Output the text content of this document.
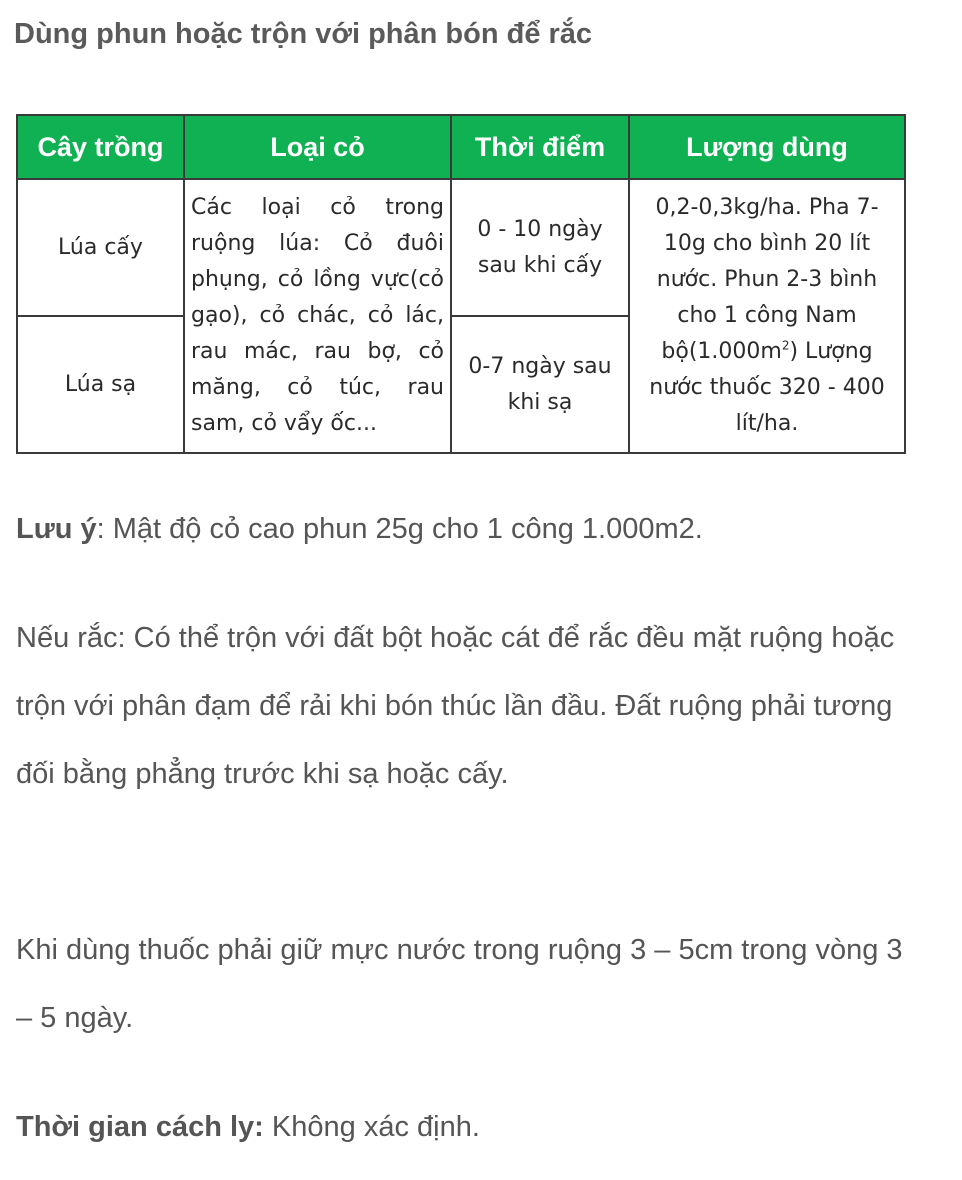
Dùng phun hoặc trộn với phân bón để rắc
Cây trồng	Loại cỏ	Thời điểm	Lượng dùng
Lúa cấy	Các loại cỏ trong ruộng lúa: Cỏ đuôi phụng, cỏ lồng vực(cỏ gạo), cỏ chác, cỏ lác, rau mác, rau bợ, cỏ măng, cỏ túc, rau sam, cỏ vẩy ốc...	0 - 10 ngày sau khi cấy	0,2-0,3kg/ha. Pha 7-10g cho bình 20 lít nước. Phun 2-3 bình cho 1 công Nam $bộ(1.000m^2)$ Lượng nước thuốc 320 - 400 lít/ha.
Lúa sạ		0-7 ngày sau khi sạ	

Lưu ý: Mật độ cỏ cao phun 25g cho 1 công 1.000m2.

Nếu rắc: Có thể trộn với đất bột hoặc cát để rắc đều mặt ruộng hoặc trộn với phân đạm để rải khi bón thúc lần đầu. Đất ruộng phải tương đối bằng phẳng trước khi sạ hoặc cấy.

Khi dùng thuốc phải giữ mực nước trong ruộng 3 – 5cm trong vòng 3 – 5 ngày.

Thời gian cách ly: Không xác định.
